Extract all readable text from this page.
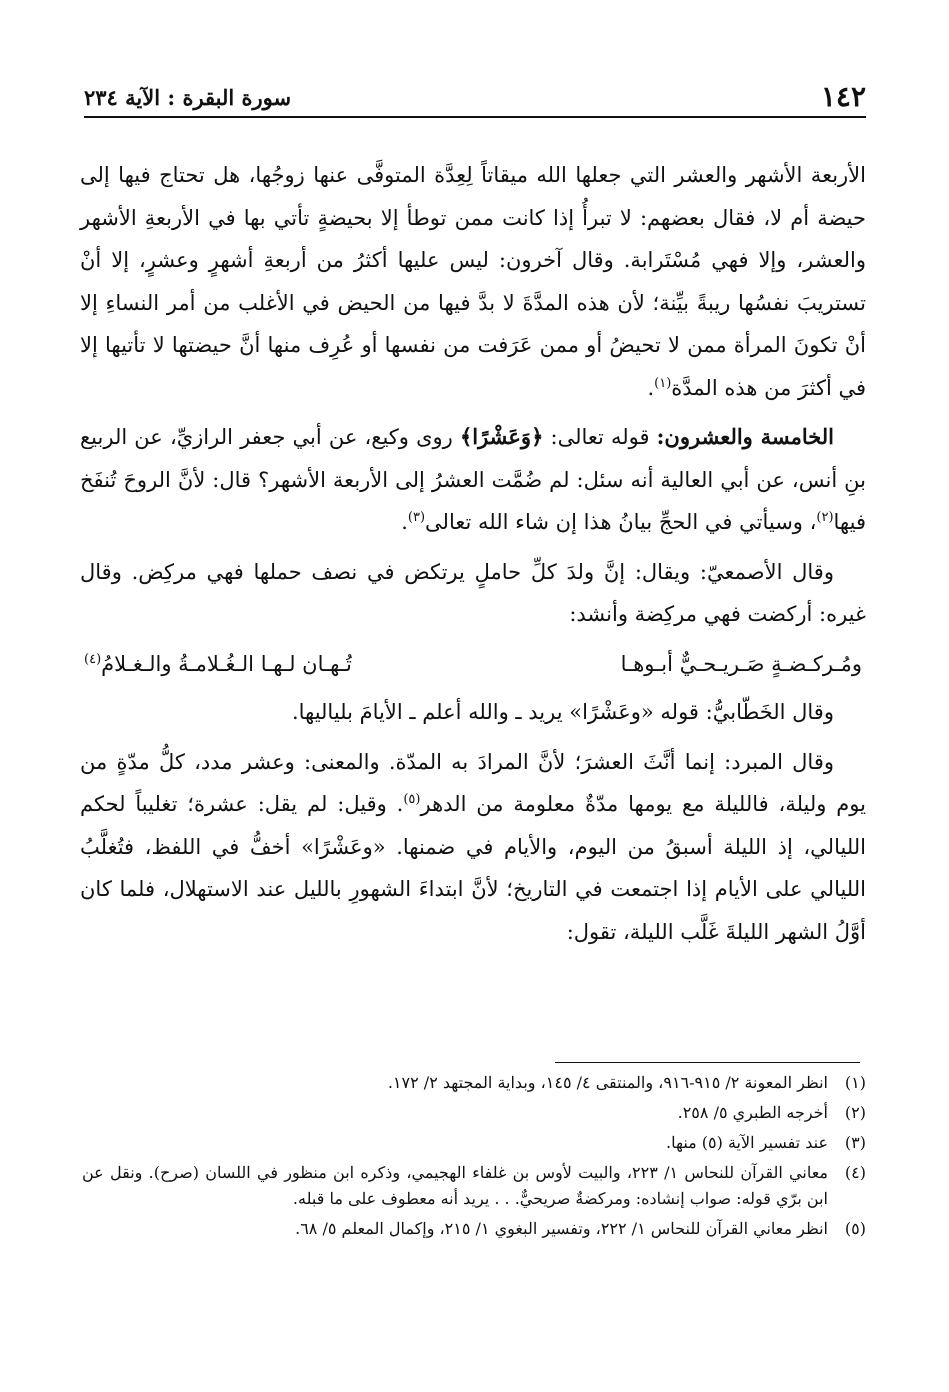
١٤٢
سورة البقرة : الآية ٢٣٤

الأربعة الأشهر والعشر التي جعلها الله ميقاتاً لِعِدَّة المتوفَّى عنها زوجُها، هل تحتاج فيها إلى حيضة أم لا، فقال بعضهم: لا تبرأُ إذا كانت ممن توطأ إلا بحيضةٍ تأتي بها في الأربعةِ الأشهر والعشر، وإلا فهي مُسْتَرابة. وقال آخرون: ليس عليها أكثرُ من أربعةِ أشهرٍ وعشرٍ، إلا أنْ تستريبَ نفسُها ريبةً بيِّنة؛ لأن هذه المدَّةَ لا بدَّ فيها من الحيض في الأغلب من أمر النساءِ إلا أنْ تكونَ المرأة ممن لا تحيضُ أو ممن عَرَفت من نفسها أو عُرِف منها أنَّ حيضتها لا تأتيها إلا في أكثرَ من هذه المدَّة$^{(١)}$.

الخامسة والعشرون: قوله تعالى: ﴿وَعَشْرًا﴾ روى وكيع، عن أبي جعفر الرازيِّ، عن الربيع بنِ أنس، عن أبي العالية أنه سئل: لم ضُمَّت العشرُ إلى الأربعة الأشهر؟ قال: لأنَّ الروحَ تُنفَخ فيها$^{(٢)}$، وسيأتي في الحجِّ بيانُ هذا إن شاء الله تعالى$^{(٣)}$.

وقال الأصمعيّ: ويقال: إنَّ ولدَ كلِّ حاملٍ يرتكض في نصف حملها فهي مركِض. وقال غيره: أركضت فهي مركِضة وأنشد:

ومُـركـضـةٍ صَـريـحـيٌّ أبـوهـا
تُـهـان لـهـا الـغُـلامـةُ والـغـلامُ$^{(٤)}$

وقال الخَطّابيُّ: قوله «وعَشْرًا» يريد ـ والله أعلم ـ الأيامَ بلياليها.

وقال المبرد: إنما أنَّثَ العشرَ؛ لأنَّ المرادَ به المدّة. والمعنى: وعشر مدد، كلُّ مدّةٍ من يوم وليلة، فالليلة مع يومها مدّةٌ معلومة من الدهر$^{(٥)}$. وقيل: لم يقل: عشرة؛ تغليباً لحكم الليالي، إذ الليلة أسبقُ من اليوم، والأيام في ضمنها. «وعَشْرًا» أخفُّ في اللفظ، فتُغلَّبُ الليالي على الأيام إذا اجتمعت في التاريخ؛ لأنَّ ابتداءَ الشهورِ بالليل عند الاستهلال، فلما كان أوَّلُ الشهر الليلةَ غَلَّب الليلة، تقول:

(١)
انظر المعونة ٢/ ٩١٥-٩١٦، والمنتقى ٤/ ١٤٥، وبداية المجتهد ٢/ ١٧٢.
(٢)
أخرجه الطبري ٥/ ٢٥٨.
(٣)
عند تفسير الآية (٥) منها.
(٤)
معاني القرآن للنحاس ١/ ٢٢٣، والبيت لأوس بن غلفاء الهجيمي، وذكره ابن منظور في اللسان (صرح). ونقل عن ابن برّي قوله: صواب إنشاده: ومركضةٌ صريحيٌّ. . . يريد أنه معطوف على ما قبله.
(٥)
انظر معاني القرآن للنحاس ١/ ٢٢٢، وتفسير البغوي ١/ ٢١٥، وإكمال المعلم ٥/ ٦٨.
